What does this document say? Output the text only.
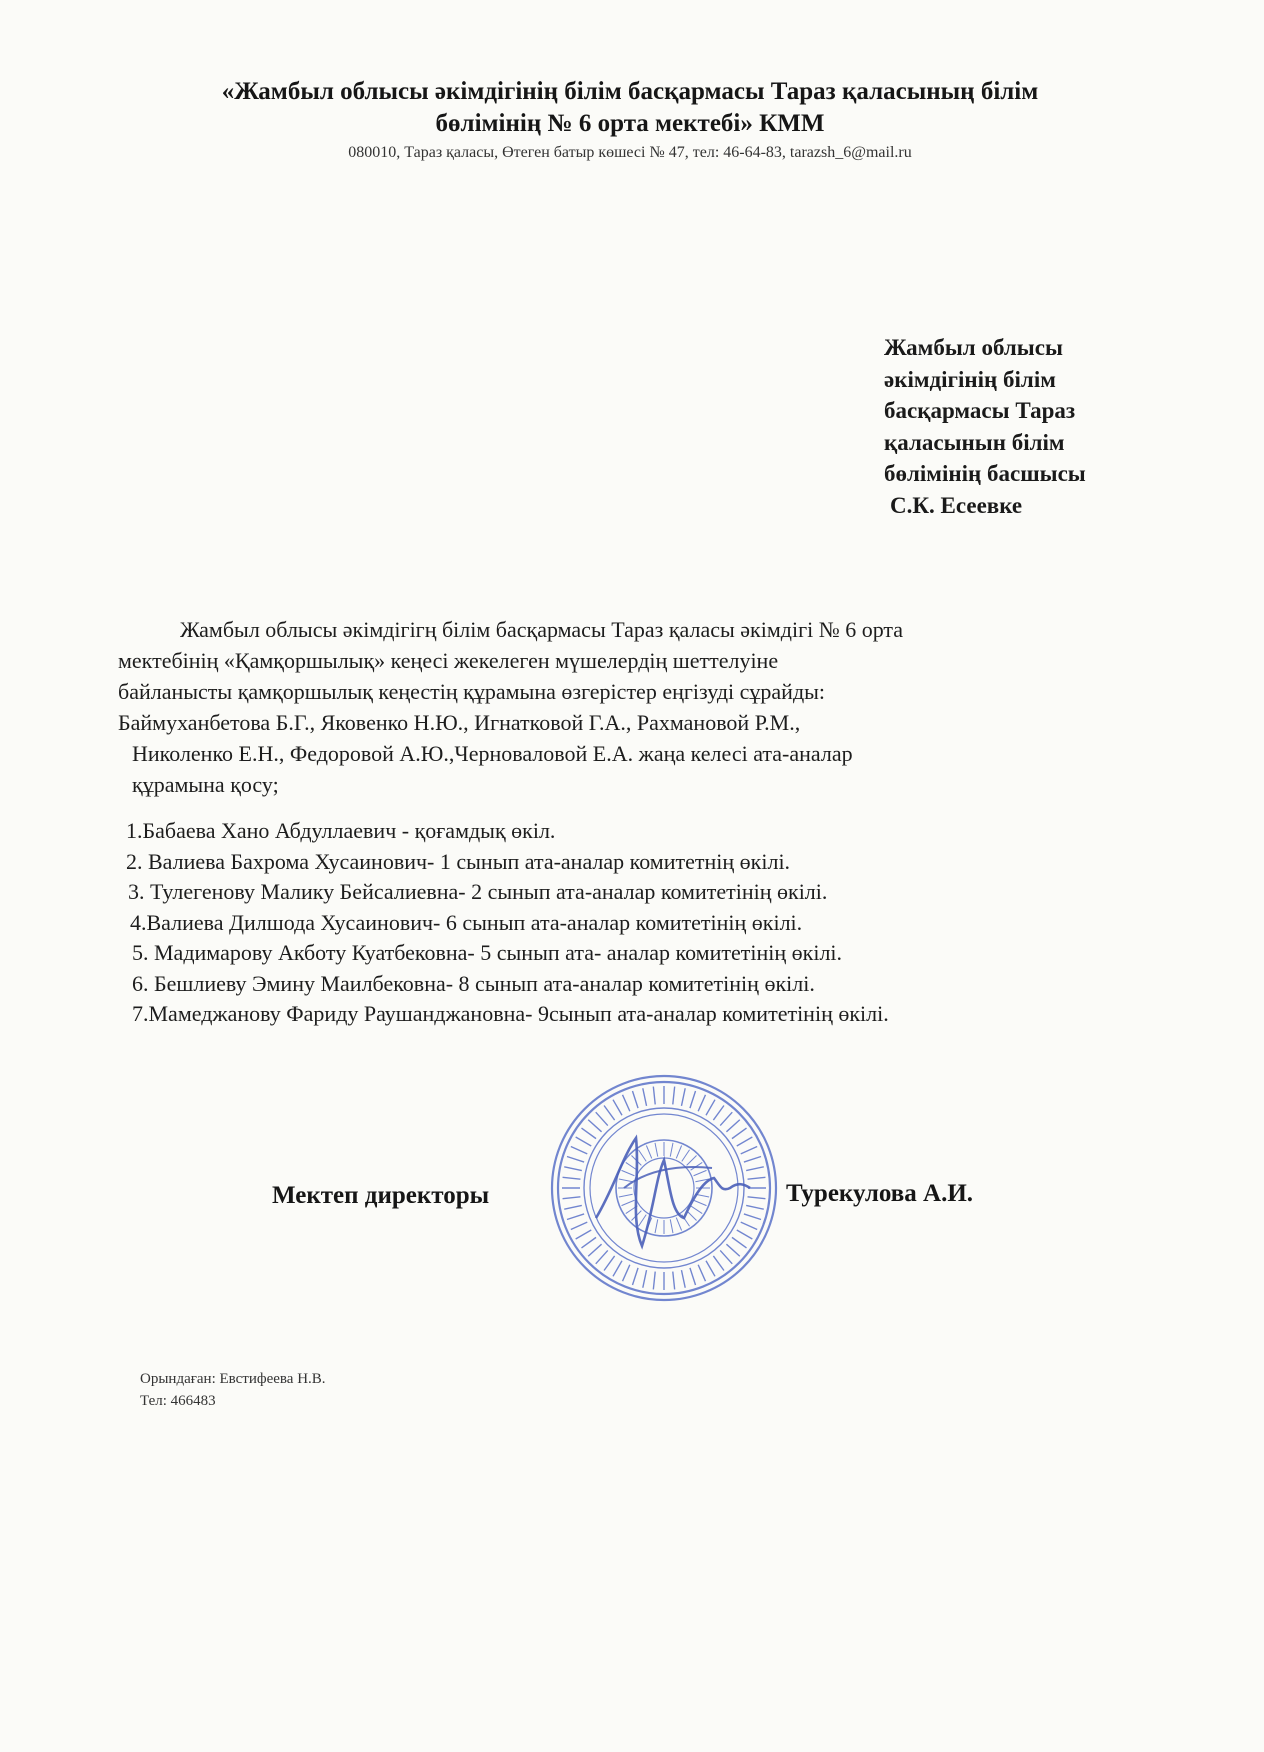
«Жамбыл облысы әкімдігінің білім басқармасы Тараз қаласының білім
бөлімінің № 6 орта мектебі» КММ
080010, Тараз қаласы, Өтеген батыр көшесі № 47, тел: 46-64-83, tarazsh_6@mail.ru
Жамбыл облысы
әкімдігінің білім
басқармасы Тараз
қаласынын білім
бөлімінің басшысы
С.К. Есеевке
Жамбыл облысы әкімдігігң білім басқармасы Тараз қаласы әкімдігі № 6 орта
мектебінің «Қамқоршылық» кеңесі жекелеген мүшелердің шеттелуіне
байланысты қамқоршылық кеңестің құрамына өзгерістер еңгізуді сұрайды:
Баймуханбетова Б.Г., Яковенко Н.Ю., Игнатковой Г.А., Рахмановой Р.М.,
Николенко Е.Н., Федоровой А.Ю.,Черноваловой Е.А. жаңа келесі ата-аналар
құрамына қосу;
1.Бабаева Хано Абдуллаевич - қоғамдық өкіл.
2. Валиева Бахрома Хусаинович- 1 сынып ата-аналар комитетнің өкілі.
3. Тулегенову Малику Бейсалиевна- 2 сынып ата-аналар комитетінің өкілі.
4.Валиева Дилшода Хусаинович- 6 сынып ата-аналар комитетінің өкілі.
5. Мадимарову Акботу Куатбековна- 5 сынып ата- аналар комитетінің өкілі.
6. Бешлиеву Эмину Маилбековна- 8 сынып ата-аналар комитетінің өкілі.
7.Мамеджанову Фариду Раушанджановна- 9сынып ата-аналар комитетінің өкілі.
Мектеп директоры	Турекулова А.И.
Орындаған: Евстифеева Н.В.
Тел: 466483
